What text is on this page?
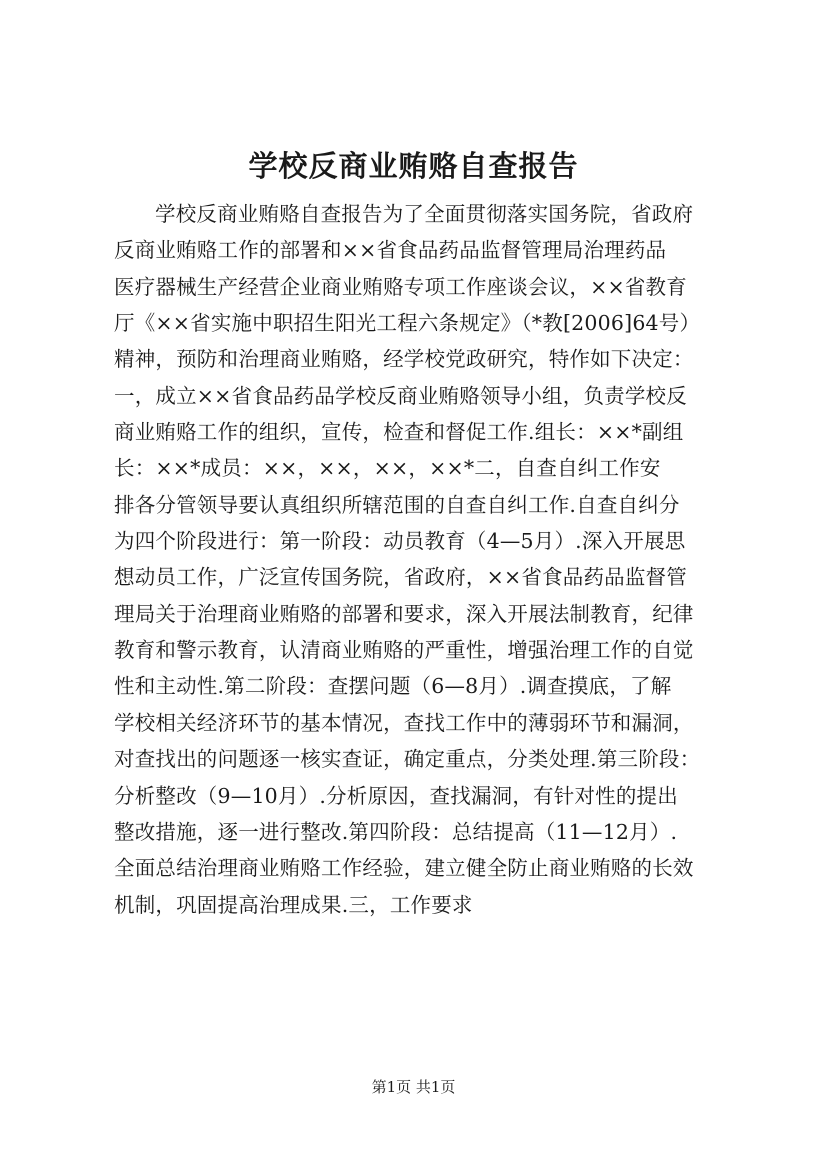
学校反商业贿赂自查报告
学校反商业贿赂自查报告为了全面贯彻落实国务院，省政府
反商业贿赂工作的部署和××省食品药品监督管理局治理药品
医疗器械生产经营企业商业贿赂专项工作座谈会议，××省教育
厅《××省实施中职招生阳光工程六条规定》（*教[2006]64号）
精神，预防和治理商业贿赂，经学校党政研究，特作如下决定：
一，成立××省食品药品学校反商业贿赂领导小组，负责学校反
商业贿赂工作的组织，宣传，检查和督促工作.组长：××*副组
长：××*成员：××，××，××，××*二，自查自纠工作安
排各分管领导要认真组织所辖范围的自查自纠工作.自查自纠分
为四个阶段进行：第一阶段：动员教育（4—5月）.深入开展思
想动员工作，广泛宣传国务院，省政府，××省食品药品监督管
理局关于治理商业贿赂的部署和要求，深入开展法制教育，纪律
教育和警示教育，认清商业贿赂的严重性，增强治理工作的自觉
性和主动性.第二阶段：查摆问题（6—8月）.调查摸底，了解
学校相关经济环节的基本情况，查找工作中的薄弱环节和漏洞，
对查找出的问题逐一核实查证，确定重点，分类处理.第三阶段：
分析整改（9—10月）.分析原因，查找漏洞，有针对性的提出
整改措施，逐一进行整改.第四阶段：总结提高（11—12月）.
全面总结治理商业贿赂工作经验，建立健全防止商业贿赂的长效
机制，巩固提高治理成果.三，工作要求
第1页 共1页
